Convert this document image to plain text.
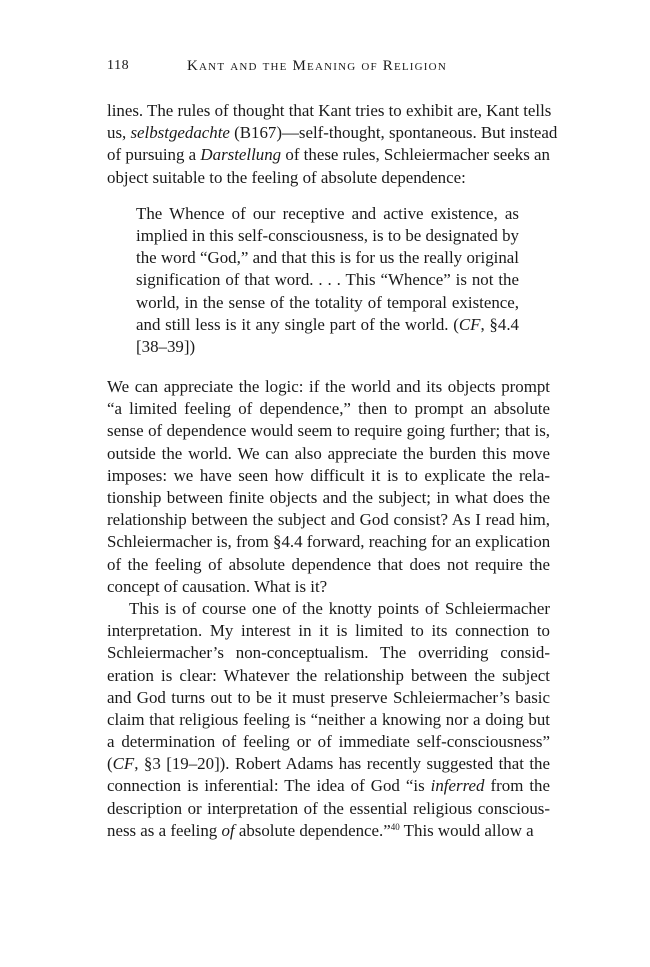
118	Kant and the Meaning of Religion
lines. The rules of thought that Kant tries to exhibit are, Kant tells
us, selbstgedachte (B167)—self-thought, spontaneous. But instead
of pursuing a Darstellung of these rules, Schleiermacher seeks an
object suitable to the feeling of absolute dependence:
The Whence of our receptive and active existence, as
implied in this self-consciousness, is to be designated by
the word “God,” and that this is for us the really original
signification of that word. . . . This “Whence” is not the
world, in the sense of the totality of temporal existence,
and still less is it any single part of the world. (CF, §4.4
[38–39])
We can appreciate the logic: if the world and its objects prompt
“a limited feeling of dependence,” then to prompt an absolute
sense of dependence would seem to require going further; that is,
outside the world. We can also appreciate the burden this move
imposes: we have seen how difficult it is to explicate the rela-
tionship between finite objects and the subject; in what does the
relationship between the subject and God consist? As I read him,
Schleiermacher is, from §4.4 forward, reaching for an explication
of the feeling of absolute dependence that does not require the
concept of causation. What is it?
This is of course one of the knotty points of Schleiermacher
interpretation. My interest in it is limited to its connection to
Schleiermacher’s non-conceptualism. The overriding consid-
eration is clear: Whatever the relationship between the subject
and God turns out to be it must preserve Schleiermacher’s basic
claim that religious feeling is “neither a knowing nor a doing but
a determination of feeling or of immediate self-consciousness”
(CF, §3 [19–20]). Robert Adams has recently suggested that the
connection is inferential: The idea of God “is inferred from the
description or interpretation of the essential religious conscious-
ness as a feeling of absolute dependence.”$^{40}$ This would allow a
